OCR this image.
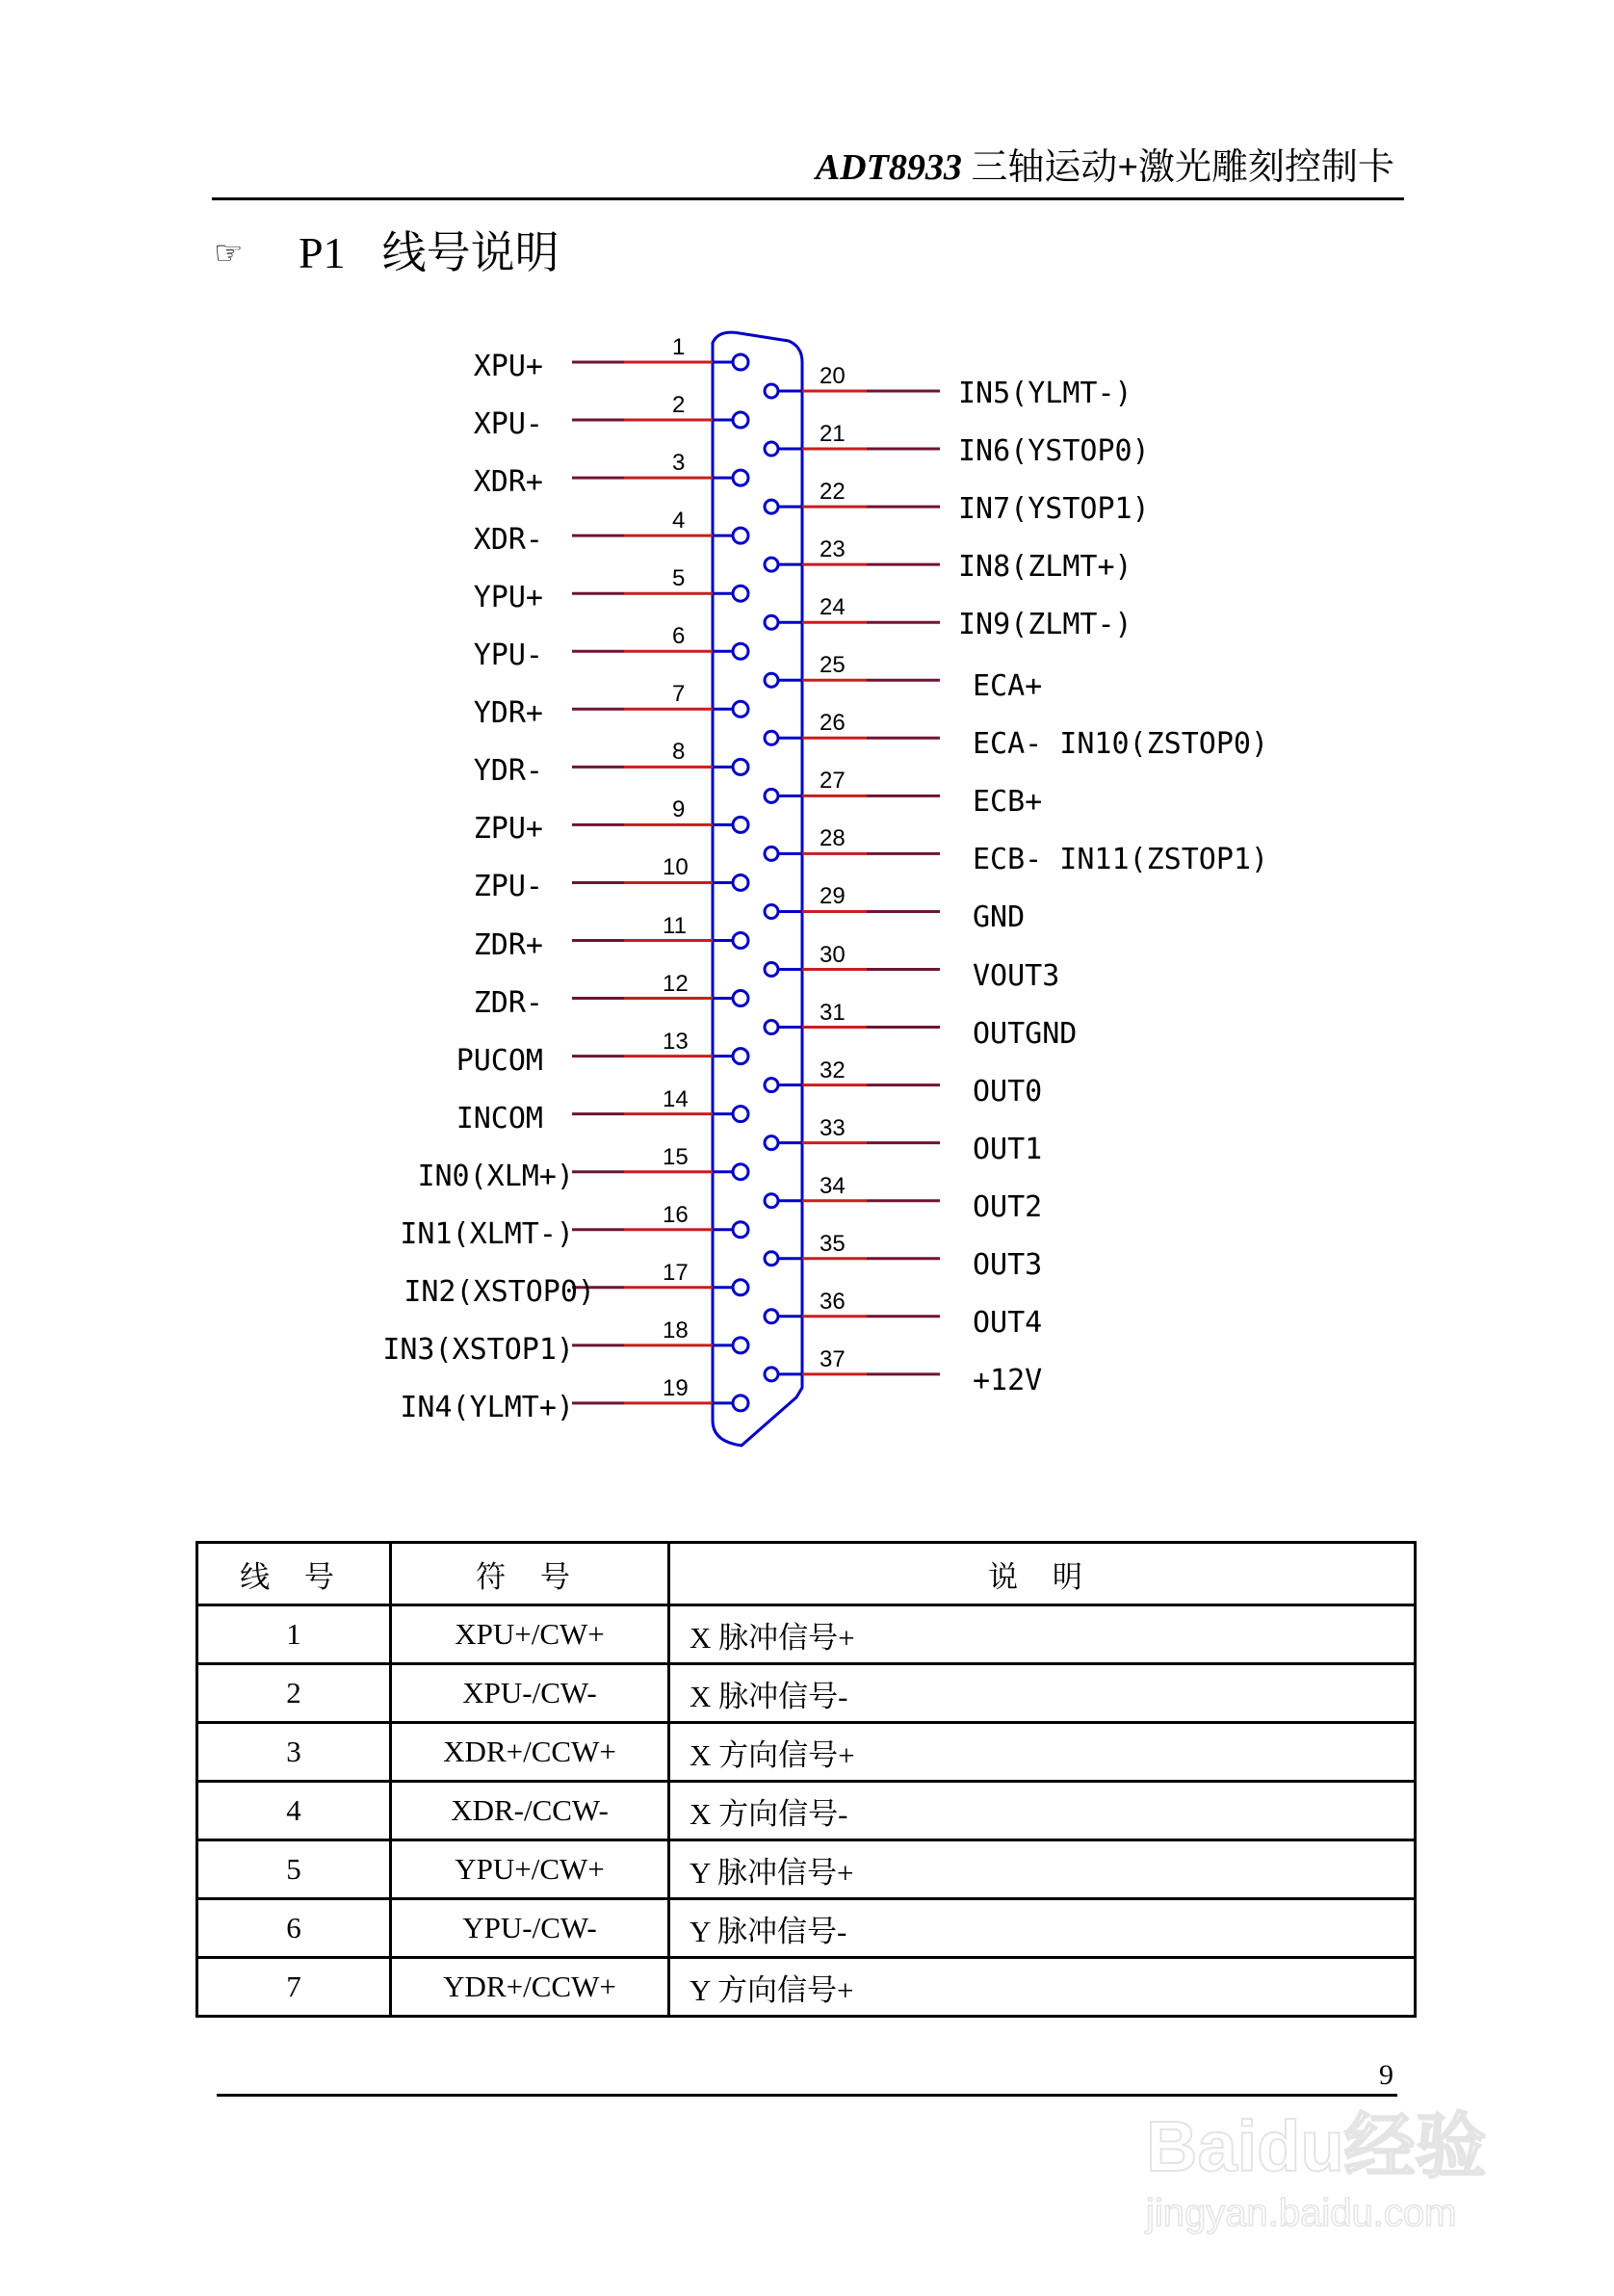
ADT8933 三轴运动+激光雕刻控制卡
☞ P1 线号说明
1
XPU+
2
XPU-
3
XDR+
4
XDR-
5
YPU+
6
YPU-
7
YDR+
8
YDR-
9
ZPU+
10
ZPU-
11
ZDR+
12
ZDR-
13
PUCOM
14
INCOM
15
IN0(XLM+)
16
IN1(XLMT-)
17
IN2(XSTOP0)
18
IN3(XSTOP1)
19
IN4(YLMT+)
20
IN5(YLMT-)
21
IN6(YSTOP0)
22
IN7(YSTOP1)
23
IN8(ZLMT+)
24
IN9(ZLMT-)
25
ECA+
26
ECA- IN10(ZSTOP0)
27
ECB+
28
ECB- IN11(ZSTOP1)
29
GND
30
VOUT3
31
OUTGND
32
OUT0
33
OUT1
34
OUT2
35
OUT3
36
OUT4
37
+12V
线 号	符 号	说 明
1	XPU+/CW+	X 脉冲信号+
2	XPU-/CW-	X 脉冲信号-
3	XDR+/CCW+	X 方向信号+
4	XDR-/CCW-	X 方向信号-
5	YPU+/CW+	Y 脉冲信号+
6	YPU-/CW-	Y 脉冲信号-
7	YDR+/CCW+	Y 方向信号+
9
Baidu经验
jingyan.baidu.com
